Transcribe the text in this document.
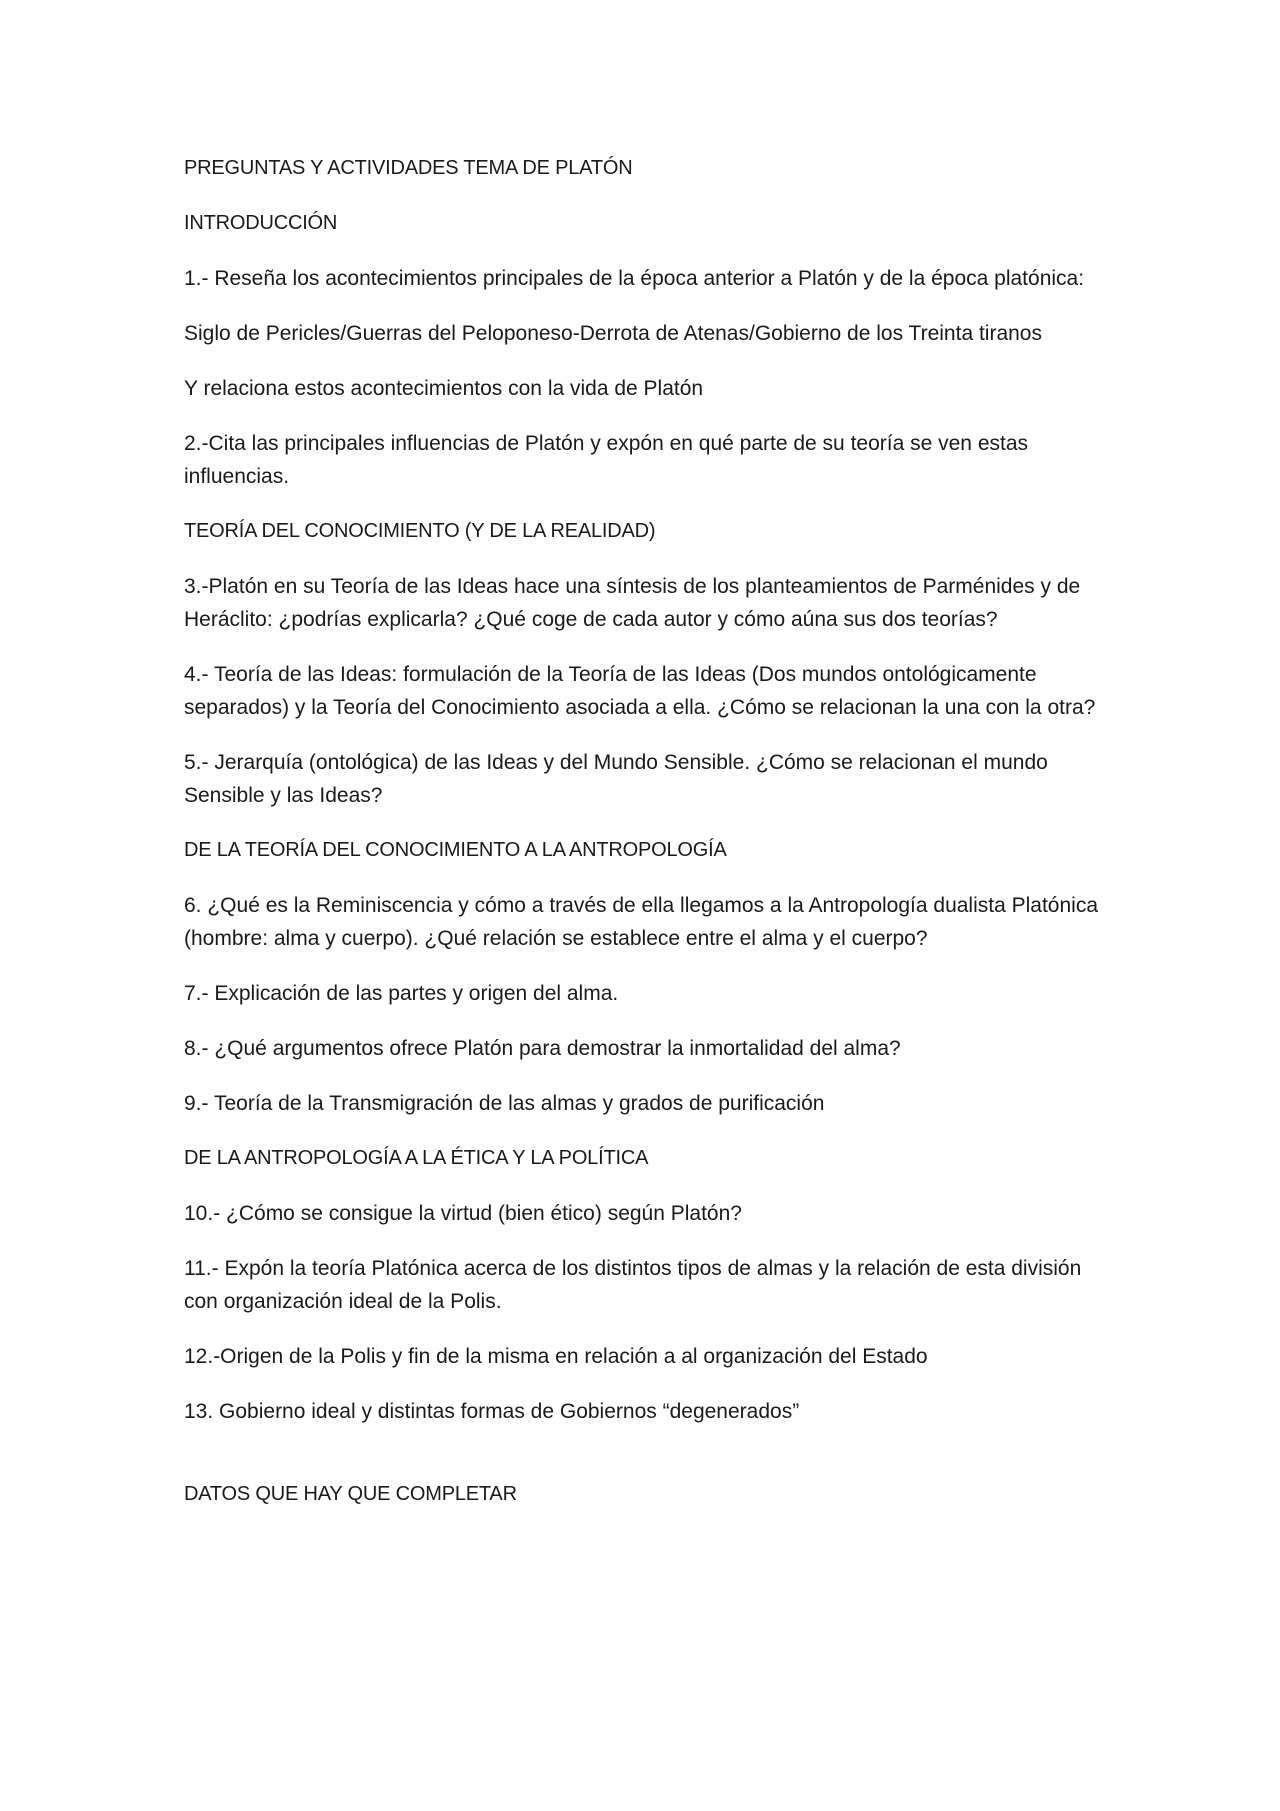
PREGUNTAS Y ACTIVIDADES TEMA DE PLATÓN

INTRODUCCIÓN

1.- Reseña los acontecimientos principales de la época anterior a Platón y de la época platónica:

Siglo de Pericles/Guerras del Peloponeso-Derrota de Atenas/Gobierno de los Treinta tiranos

Y relaciona estos acontecimientos con la vida de Platón

2.-Cita las principales influencias de Platón y expón en qué parte de su teoría se ven estas influencias.

TEORÍA DEL CONOCIMIENTO (Y DE LA REALIDAD)

3.-Platón en su Teoría de las Ideas hace una síntesis de los planteamientos de Parménides y de Heráclito: ¿podrías explicarla? ¿Qué coge de cada autor y cómo aúna sus dos teorías?

4.- Teoría de las Ideas: formulación de la Teoría de las Ideas (Dos mundos ontológicamente separados) y la Teoría del Conocimiento asociada a ella. ¿Cómo se relacionan la una con la otra?

5.- Jerarquía (ontológica) de las Ideas y del Mundo Sensible. ¿Cómo se relacionan el mundo Sensible y las Ideas?

DE LA TEORÍA DEL CONOCIMIENTO A LA ANTROPOLOGÍA

6. ¿Qué es la Reminiscencia y cómo a través de ella llegamos a la Antropología dualista Platónica (hombre: alma y cuerpo). ¿Qué relación se establece entre el alma y el cuerpo?

7.- Explicación de las partes y origen del alma.

8.- ¿Qué argumentos ofrece Platón para demostrar la inmortalidad del alma?

9.- Teoría de la Transmigración de las almas y grados de purificación

DE LA ANTROPOLOGÍA A LA ÉTICA Y LA POLÍTICA

10.- ¿Cómo se consigue la virtud (bien ético) según Platón?

11.- Expón la teoría Platónica acerca de los distintos tipos de almas y la relación de esta división con organización ideal de la Polis.

12.-Origen de la Polis y fin de la misma en relación a al organización del Estado

13. Gobierno ideal y distintas formas de Gobiernos “degenerados”

DATOS QUE HAY QUE COMPLETAR
